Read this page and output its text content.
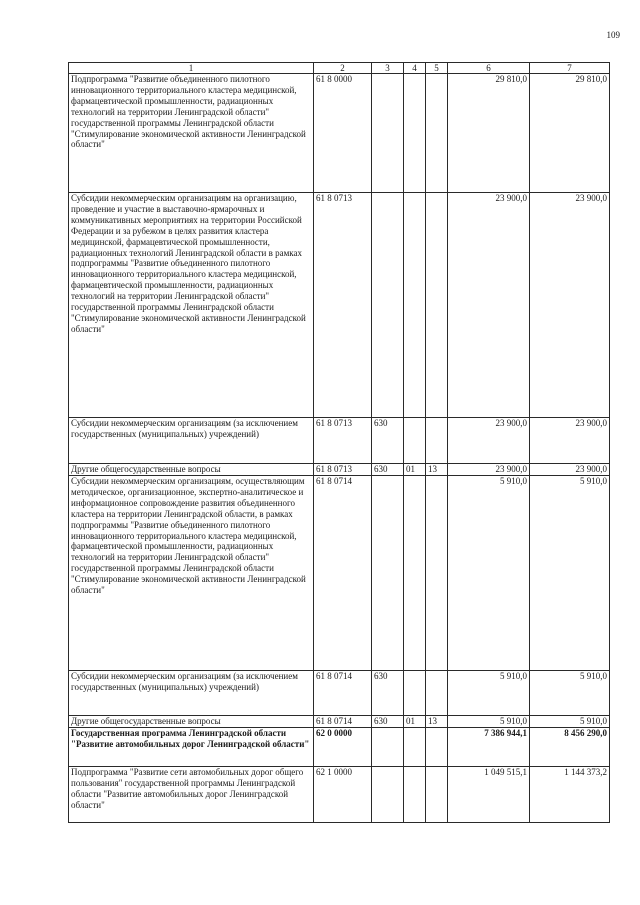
109
1	2	3	4	5	6	7
Подпрограмма "Развитие объединенного пилотного инновационного территориального кластера медицинской, фармацевтической промышленности, радиационных технологий на территории Ленинградской области" государственной программы Ленинградской области "Стимулирование экономической активности Ленинградской области"	61 8 0000				29 810,0	29 810,0
Субсидии некоммерческим организациям на организацию, проведение и участие в выставочно-ярмарочных и коммуникативных мероприятиях на территории Российской Федерации и за рубежом в целях развития кластера медицинской, фармацевтической промышленности, радиационных технологий Ленинградской области в рамках подпрограммы "Развитие объединенного пилотного инновационного территориального кластера медицинской, фармацевтической промышленности, радиационных технологий на территории Ленинградской области" государственной программы Ленинградской области "Стимулирование экономической активности Ленинградской области"	61 8 0713				23 900,0	23 900,0
Субсидии некоммерческим организациям (за исключением государственных (муниципальных) учреждений)	61 8 0713	630			23 900,0	23 900,0
Другие общегосударственные вопросы	61 8 0713	630	01	13	23 900,0	23 900,0
Субсидии некоммерческим организациям, осуществляющим методическое, организационное, экспертно-аналитическое и информационное сопровождение развития объединенного кластера на территории Ленинградской области, в рамках подпрограммы "Развитие объединенного пилотного инновационного территориального кластера медицинской, фармацевтической промышленности, радиационных технологий на территории Ленинградской области" государственной программы Ленинградской области "Стимулирование экономической активности Ленинградской области"	61 8 0714				5 910,0	5 910,0
Субсидии некоммерческим организациям (за исключением государственных (муниципальных) учреждений)	61 8 0714	630			5 910,0	5 910,0
Другие общегосударственные вопросы	61 8 0714	630	01	13	5 910,0	5 910,0
Государственная программа Ленинградской области "Развитие автомобильных дорог Ленинградской области"	62 0 0000				7 386 944,1	8 456 290,0
Подпрограмма "Развитие сети автомобильных дорог общего пользования" государственной программы Ленинградской области "Развитие автомобильных дорог Ленинградской области"	62 1 0000				1 049 515,1	1 144 373,2
